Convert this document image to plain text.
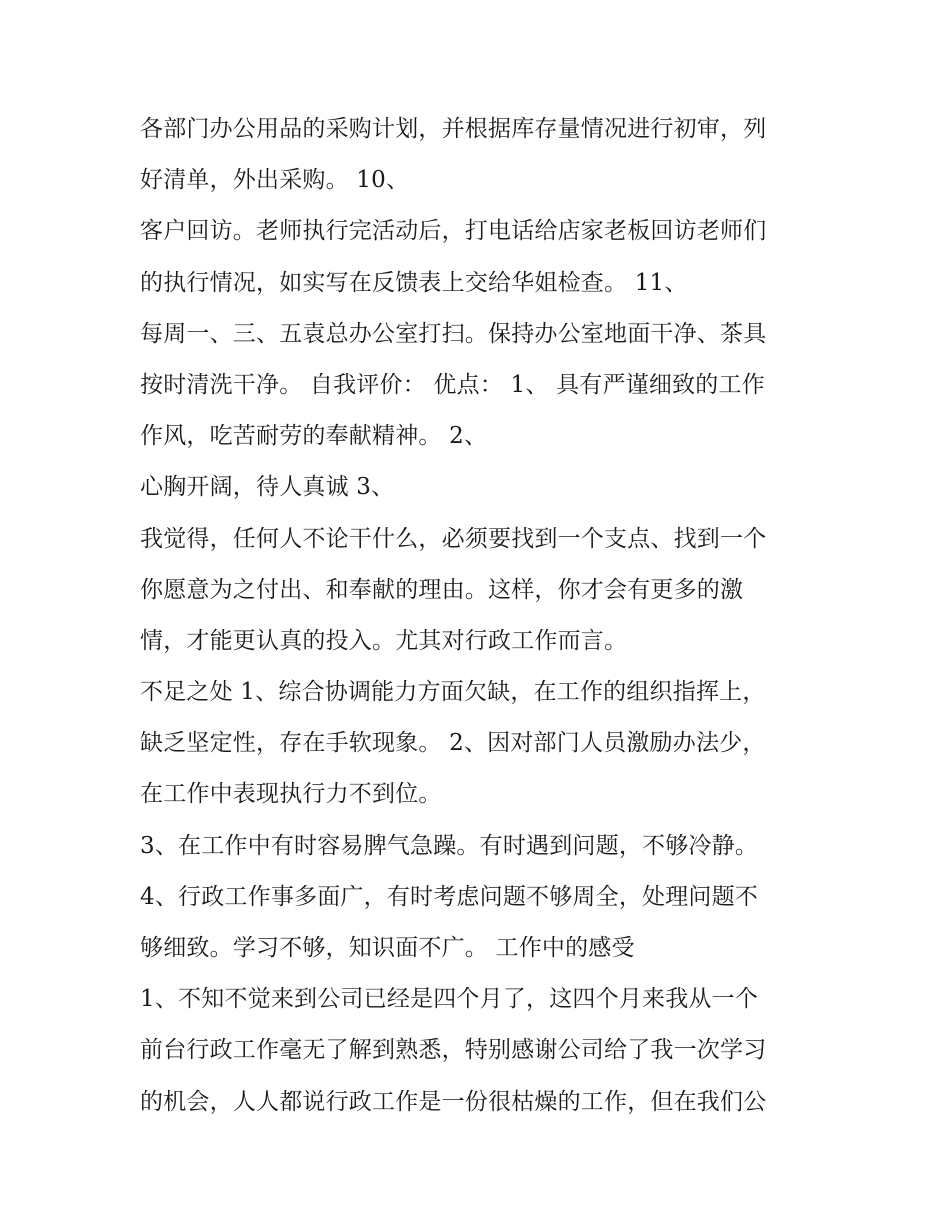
各部门办公用品的采购计划，并根据库存量情况进行初审，列
好清单，外出采购。 10、
客户回访。老师执行完活动后，打电话给店家老板回访老师们
的执行情况，如实写在反馈表上交给华姐检查。 11、
每周一、三、五袁总办公室打扫。保持办公室地面干净、茶具
按时清洗干净。 自我评价： 优点： 1、 具有严谨细致的工作
作风，吃苦耐劳的奉献精神。 2、
心胸开阔，待人真诚 3、
我觉得，任何人不论干什么，必须要找到一个支点、找到一个
你愿意为之付出、和奉献的理由。这样，你才会有更多的激
情，才能更认真的投入。尤其对行政工作而言。
不足之处 1、综合协调能力方面欠缺，在工作的组织指挥上，
缺乏坚定性，存在手软现象。 2、因对部门人员激励办法少，
在工作中表现执行力不到位。
3、在工作中有时容易脾气急躁。有时遇到问题，不够冷静。
4、行政工作事多面广，有时考虑问题不够周全，处理问题不
够细致。学习不够，知识面不广。 工作中的感受
1、不知不觉来到公司已经是四个月了，这四个月来我从一个
前台行政工作毫无了解到熟悉，特别感谢公司给了我一次学习
的机会，人人都说行政工作是一份很枯燥的工作，但在我们公
